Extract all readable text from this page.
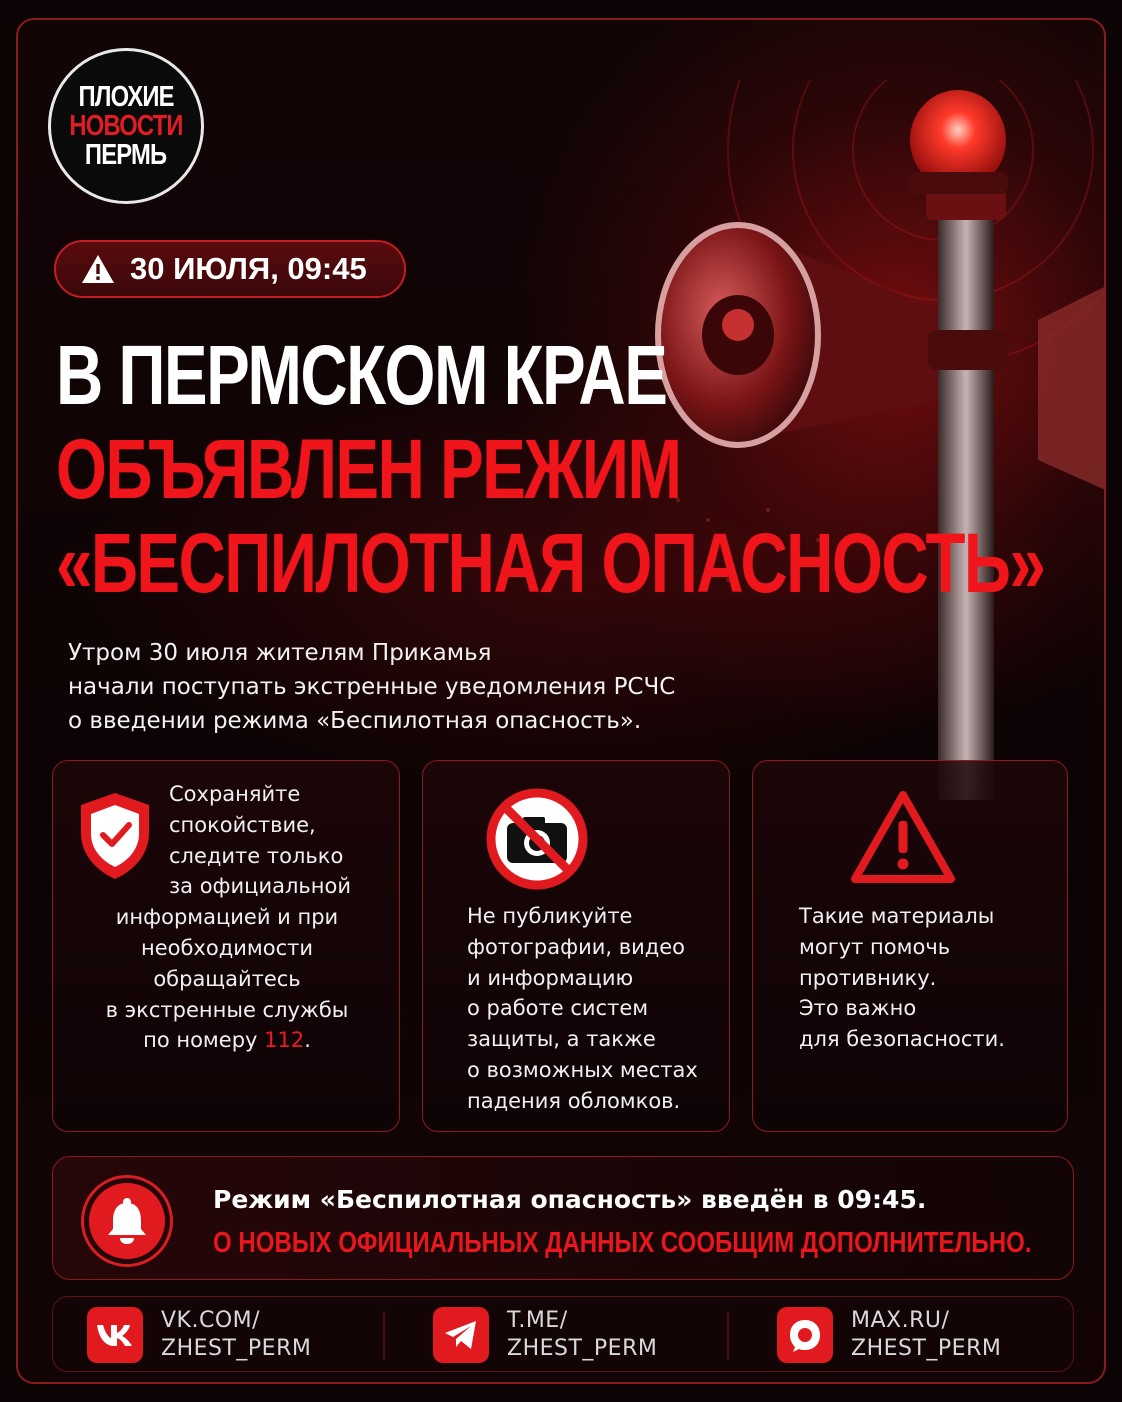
ПЛОХИЕ
НОВОСТИ
ПЕРМЬ
30 ИЮЛЯ, 09:45
В ПЕРМСКОМ КРАЕ
ОБЪЯВЛЕН РЕЖИМ
«БЕСПИЛОТНАЯ ОПАСНОСТЬ»
Утром 30 июля жителям Прикамья
начали поступать экстренные уведомления РСЧС
о введении режима «Беспилотная опасность».

Сохраняйте

спокойствие,

следите только

за официальной

информацией и при

необходимости

обращайтесь

в экстренные службы

по номеру 112.

Не публикуйте
фотографии, видео
и информацию
о работе систем
защиты, а также
о возможных местах
падения обломков.
Такие материалы
могут помочь
противнику.
Это важно
для безопасности.
Режим «Беспилотная опасность» введён в 09:45.
О НОВЫХ ОФИЦИАЛЬНЫХ ДАННЫХ СООБЩИМ ДОПОЛНИТЕЛЬНО.
VK.COM/
ZHEST_PERM
T.ME/
ZHEST_PERM
MAX.RU/
ZHEST_PERM
